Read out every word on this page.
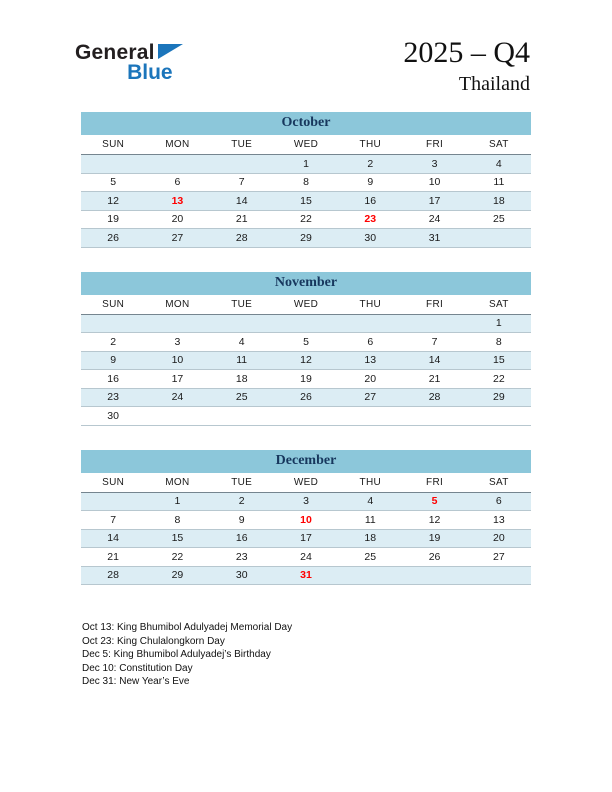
General
Blue
2025 – Q4
Thailand
October
SUN	MON	TUE	WED	THU	FRI	SAT
			1	2	3	4
5	6	7	8	9	10	11
12	13	14	15	16	17	18
19	20	21	22	23	24	25
26	27	28	29	30	31	
November
SUN	MON	TUE	WED	THU	FRI	SAT
						1
2	3	4	5	6	7	8
9	10	11	12	13	14	15
16	17	18	19	20	21	22
23	24	25	26	27	28	29
30						
December
SUN	MON	TUE	WED	THU	FRI	SAT
	1	2	3	4	5	6
7	8	9	10	11	12	13
14	15	16	17	18	19	20
21	22	23	24	25	26	27
28	29	30	31			
Oct 13: King Bhumibol Adulyadej Memorial Day
Oct 23: King Chulalongkorn Day
Dec 5: King Bhumibol Adulyadej’s Birthday
Dec 10: Constitution Day
Dec 31: New Year’s Eve
